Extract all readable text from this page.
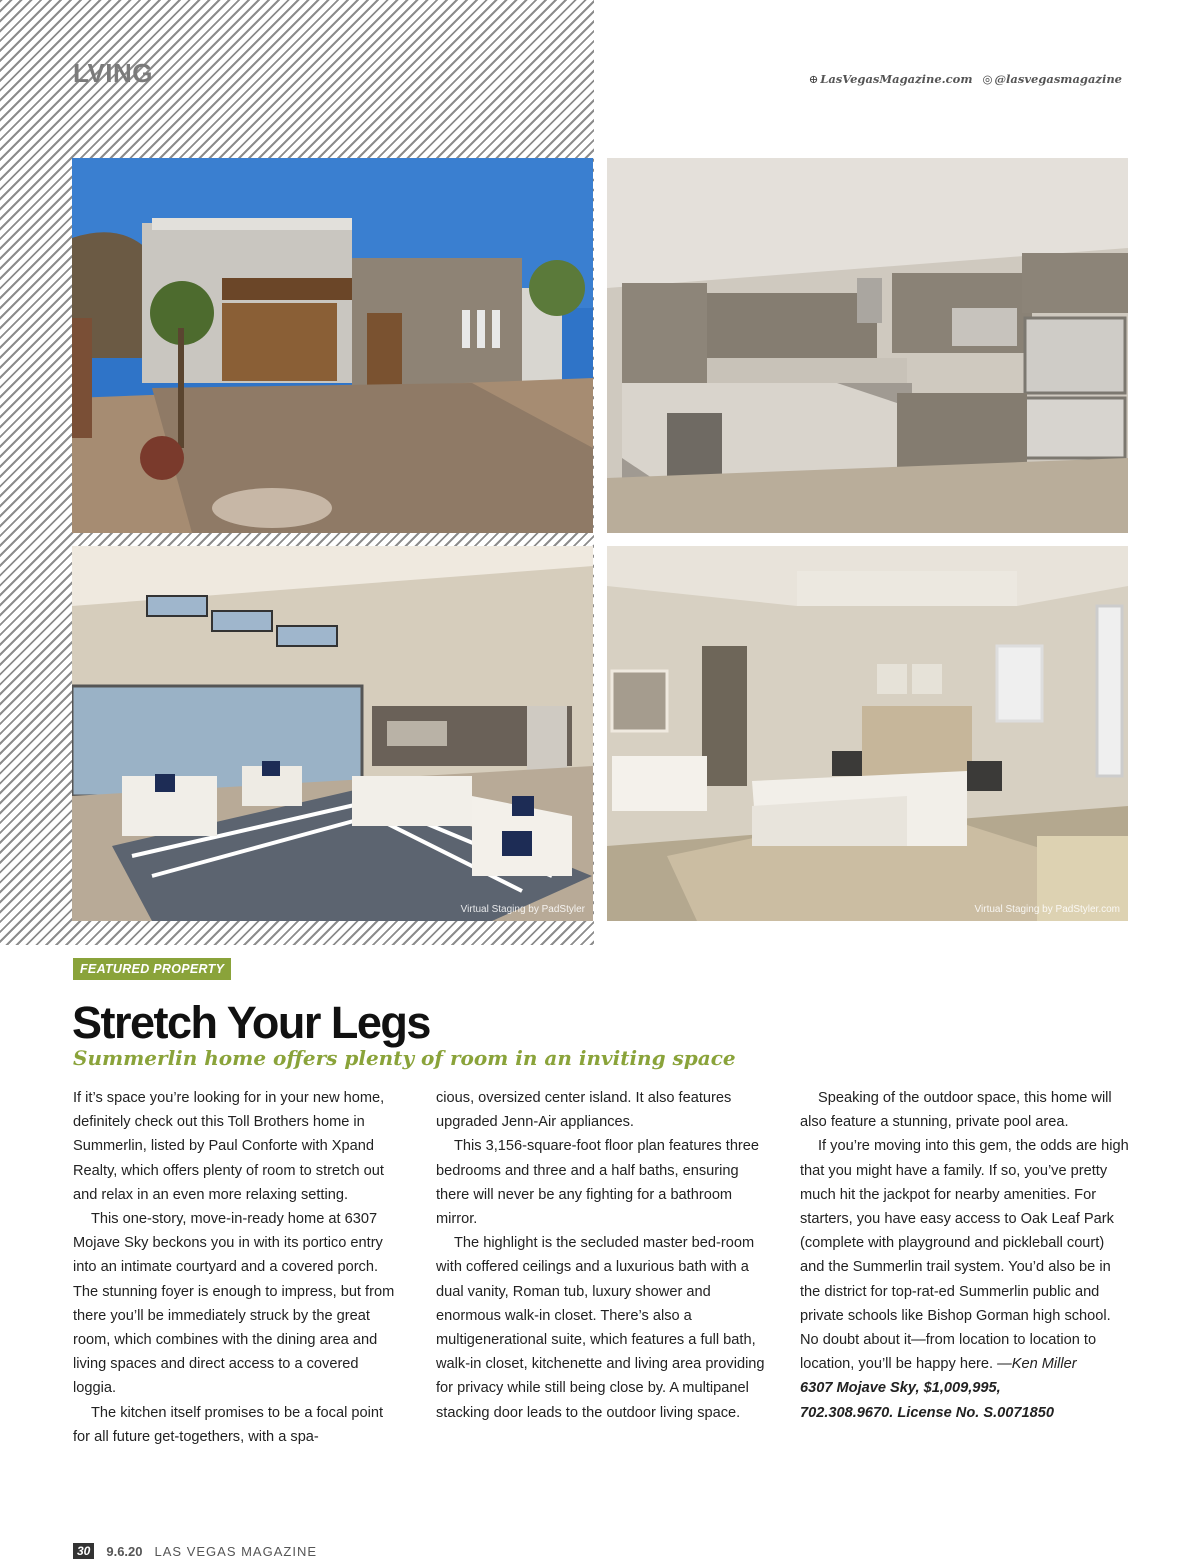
LVING	⊕ LasVegasMagazine.com ◎ @lasvegasmagazine
Virtual Staging by PadStyler	Virtual Staging by PadStyler.com
FEATURED PROPERTY
Stretch Your Legs
Summerlin home offers plenty of room in an inviting space

If it’s space you’re looking for in your new home, definitely check out this Toll Brothers home in Summerlin, listed by Paul Conforte with Xpand Realty, which offers plenty of room to stretch out and relax in an even more relaxing setting.

This one-story, move-in-ready home at 6307 Mojave Sky beckons you in with its portico entry into an intimate courtyard and a covered porch. The stunning foyer is enough to impress, but from there you’ll be immediately struck by the great room, which combines with the dining area and living spaces and direct access to a covered loggia.

The kitchen itself promises to be a focal point for all future get-togethers, with a spa-

cious, oversized center island. It also features upgraded Jenn-Air appliances.

This 3,156-square-foot floor plan features three bedrooms and three and a half baths, ensuring there will never be any fighting for a bathroom mirror.

The highlight is the secluded master bed-room with coffered ceilings and a luxurious bath with a dual vanity, Roman tub, luxury shower and enormous walk-in closet. There’s also a multigenerational suite, which features a full bath, walk-in closet, kitchenette and living area providing for privacy while still being close by. A multipanel stacking door leads to the outdoor living space.

Speaking of the outdoor space, this home will also feature a stunning, private pool area.

If you’re moving into this gem, the odds are high that you might have a family. If so, you’ve pretty much hit the jackpot for nearby amenities. For starters, you have easy access to Oak Leaf Park (complete with playground and pickleball court) and the Summerlin trail system. You’d also be in the district for top-rat-ed Summerlin public and private schools like Bishop Gorman high school. No doubt about it—from location to location to location, you’ll be happy here. —Ken Miller

6307 Mojave Sky, $1,009,995,

702.308.9670. License No. S.0071850

30	9.6.20 LAS VEGAS MAGAZINE
